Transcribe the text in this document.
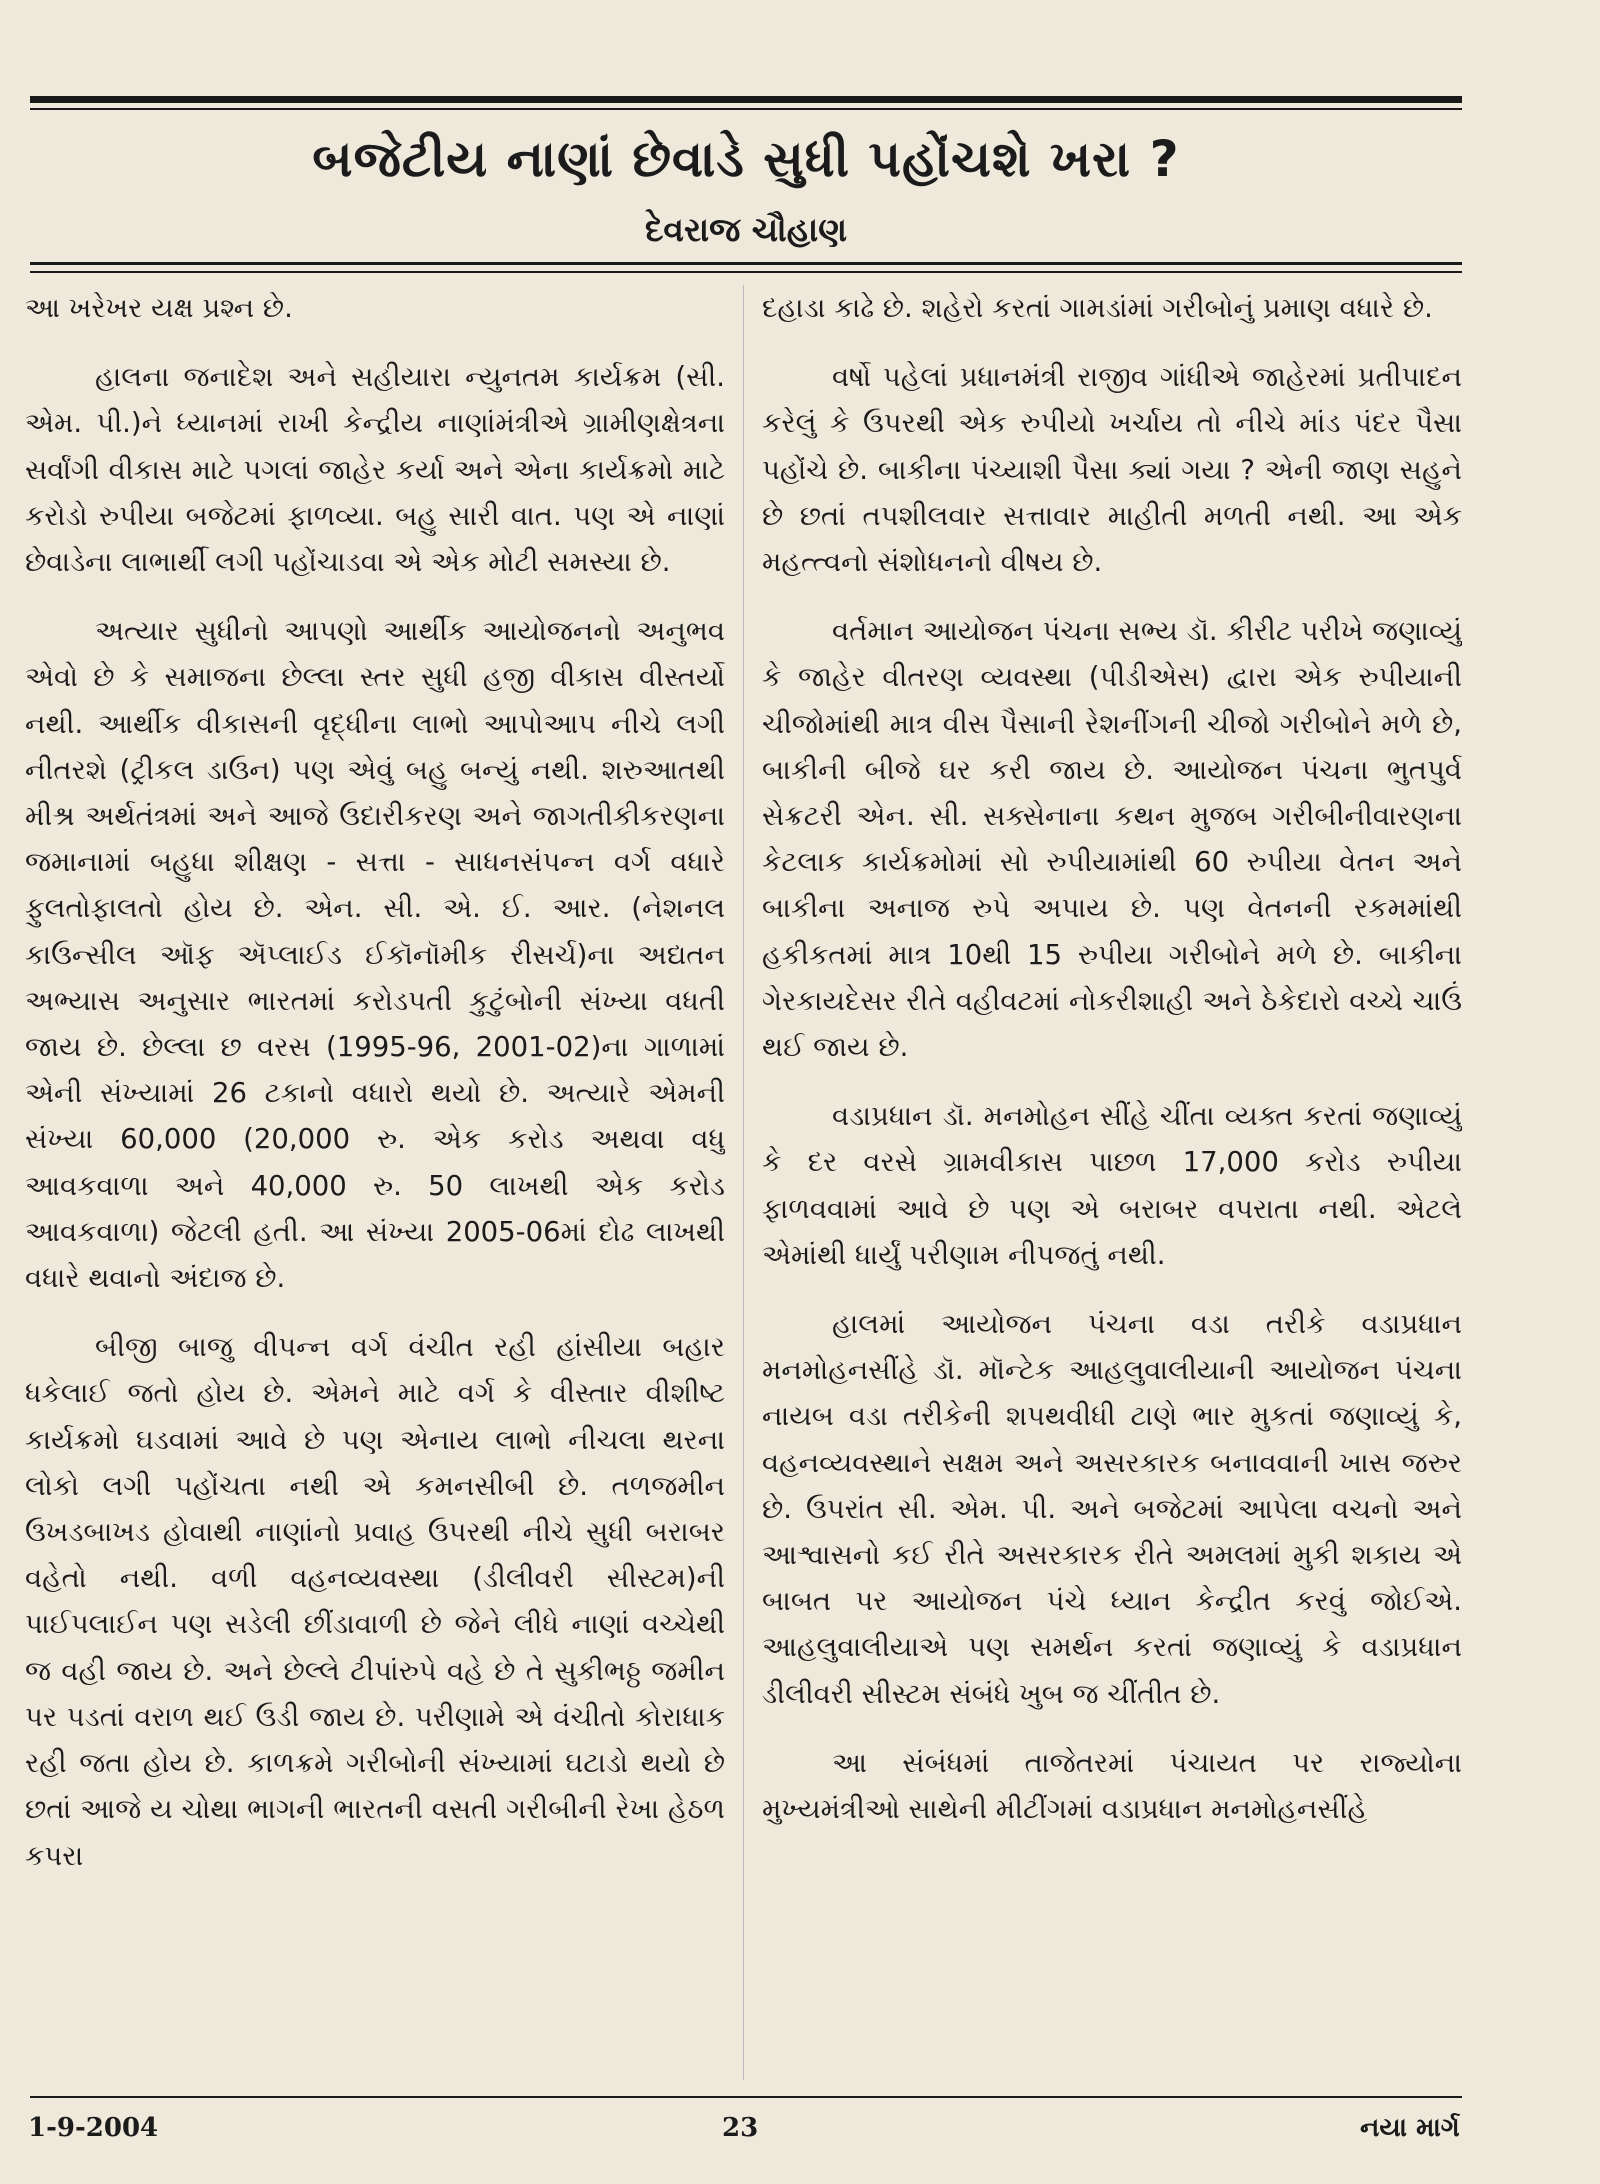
બજેટીય નાણાં છેવાડે સુધી પહોંચશે ખરા ?
દેવરાજ ચૌહાણ

આ ખરેખર યક્ષ પ્રશ્ન છે.

હાલના જનાદેશ અને સહીયારા ન્યુનતમ કાર્યક્રમ (સી. એમ. પી.)ને ધ્યાનમાં રાખી કેન્દ્રીય નાણાંમંત્રીએ ગ્રામીણક્ષેત્રના સર્વાંગી વીકાસ માટે પગલાં જાહેર કર્યા અને એના કાર્યક્રમો માટે કરોડો રુપીયા બજેટમાં ફાળવ્યા. બહુ સારી વાત. પણ એ નાણાં છેવાડેના લાભાર્થી લગી પહોંચાડવા એ એક મોટી સમસ્યા છે.

અત્યાર સુધીનો આપણો આર્થીક આયોજનનો અનુભવ એવો છે કે સમાજના છેલ્લા સ્તર સુધી હજી વીકાસ વીસ્તર્યો નથી. આર્થીક વીકાસની વૃદ્ધીના લાભો આપોઆપ નીચે લગી નીતરશે (ટ્રીકલ ડાઉન) પણ એવું બહુ બન્યું નથી. શરુઆતથી મીશ્ર અર્થતંત્રમાં અને આજે ઉદારીકરણ અને જાગતીકીકરણના જમાનામાં બહુધા શીક્ષણ - સત્તા - સાધનસંપન્ન વર્ગ વધારે ફુલતોફાલતો હોય છે. એન. સી. એ. ઈ. આર. (નેશનલ કાઉન્સીલ ઑફ ઍપ્લાઈડ ઈકૉનૉમીક રીસર્ચ)ના અદ્યતન અભ્યાસ અનુસાર ભારતમાં કરોડપતી કુટુંબોની સંખ્યા વધતી જાય છે. છેલ્લા છ વરસ (1995-96, 2001-02)ના ગાળામાં એની સંખ્યામાં 26 ટકાનો વધારો થયો છે. અત્યારે એમની સંખ્યા 60,000 (20,000 રુ. એક કરોડ અથવા વધુ આવકવાળા અને 40,000 રુ. 50 લાખથી એક કરોડ આવકવાળા) જેટલી હતી. આ સંખ્યા 2005-06માં દોઢ લાખથી વધારે થવાનો અંદાજ છે.

બીજી બાજુ વીપન્ન વર્ગ વંચીત રહી હાંસીયા બહાર ધકેલાઈ જતો હોય છે. એમને માટે વર્ગ કે વીસ્તાર વીશીષ્ટ કાર્યક્રમો ઘડવામાં આવે છે પણ એનાય લાભો નીચલા થરના લોકો લગી પહોંચતા નથી એ કમનસીબી છે. તળજમીન ઉખડબાખડ હોવાથી નાણાંનો પ્રવાહ ઉપરથી નીચે સુધી બરાબર વહેતો નથી. વળી વહનવ્યવસ્થા (ડીલીવરી સીસ્ટમ)ની પાઈપલાઈન પણ સડેલી છીંડાવાળી છે જેને લીધે નાણાં વચ્ચેથી જ વહી જાય છે. અને છેલ્લે ટીપાંરુપે વહે છે તે સુકીભઠ્ઠ જમીન પર પડતાં વરાળ થઈ ઉડી જાય છે. પરીણામે એ વંચીતો કોરાધાક રહી જતા હોય છે. કાળક્રમે ગરીબોની સંખ્યામાં ઘટાડો થયો છે છતાં આજે ય ચોથા ભાગની ભારતની વસતી ગરીબીની રેખા હેઠળ કપરા

દહાડા કાઢે છે. શહેરો કરતાં ગામડાંમાં ગરીબોનું પ્રમાણ વધારે છે.

વર્ષો પહેલાં પ્રધાનમંત્રી રાજીવ ગાંધીએ જાહેરમાં પ્રતીપાદન કરેલું કે ઉપરથી એક રુપીયો ખર્ચાય તો નીચે માંડ પંદર પૈસા પહોંચે છે. બાકીના પંચ્યાશી પૈસા ક્યાં ગયા ? એની જાણ સહુને છે છતાં તપશીલવાર સત્તાવાર માહીતી મળતી નથી. આ એક મહત્ત્વનો સંશોધનનો વીષય છે.

વર્તમાન આયોજન પંચના સભ્ય ડૉ. કીરીટ પરીખે જણાવ્યું કે જાહેર વીતરણ વ્યવસ્થા (પીડીએસ) દ્વારા એક રુપીયાની ચીજોમાંથી માત્ર વીસ પૈસાની રેશનીંગની ચીજો ગરીબોને મળે છે, બાકીની બીજે ઘર કરી જાય છે. આયોજન પંચના ભુતપુર્વ સેક્રટરી એન. સી. સક્સેનાના કથન મુજબ ગરીબીનીવારણના કેટલાક કાર્યક્રમોમાં સો રુપીયામાંથી 60 રુપીયા વેતન અને બાકીના અનાજ રુપે અપાય છે. પણ વેતનની રકમમાંથી હકીકતમાં માત્ર 10થી 15 રુપીયા ગરીબોને મળે છે. બાકીના ગેરકાયદેસર રીતે વહીવટમાં નોકરીશાહી અને ઠેકેદારો વચ્ચે ચાઉં થઈ જાય છે.

વડાપ્રધાન ડૉ. મનમોહન સીંહે ચીંતા વ્યક્ત કરતાં જણાવ્યું કે દર વરસે ગ્રામવીકાસ પાછળ 17,000 કરોડ રુપીયા ફાળવવામાં આવે છે પણ એ બરાબર વપરાતા નથી. એટલે એમાંથી ધાર્યું પરીણામ નીપજતું નથી.

હાલમાં આયોજન પંચના વડા તરીકે વડાપ્રધાન મનમોહનસીંહે ડૉ. મૉન્ટેક આહલુવાલીયાની આયોજન પંચના નાયબ વડા તરીકેની શપથવીધી ટાણે ભાર મુકતાં જણાવ્યું કે, વહનવ્યવસ્થાને સક્ષમ અને અસરકારક બનાવવાની ખાસ જરુર છે. ઉપરાંત સી. એમ. પી. અને બજેટમાં આપેલા વચનો અને આશ્વાસનો કઈ રીતે અસરકારક રીતે અમલમાં મુકી શકાય એ બાબત પર આયોજન પંચે ધ્યાન કેન્દ્રીત કરવું જોઈએ. આહલુવાલીયાએ પણ સમર્થન કરતાં જણાવ્યું કે વડાપ્રધાન ડીલીવરી સીસ્ટમ સંબંધે ખુબ જ ચીંતીત છે.

આ સંબંધમાં તાજેતરમાં પંચાયત પર રાજ્યોના મુખ્યમંત્રીઓ સાથેની મીટીંગમાં વડાપ્રધાન મનમોહનસીંહે

1-9-2004	23	નયા માર્ગ
